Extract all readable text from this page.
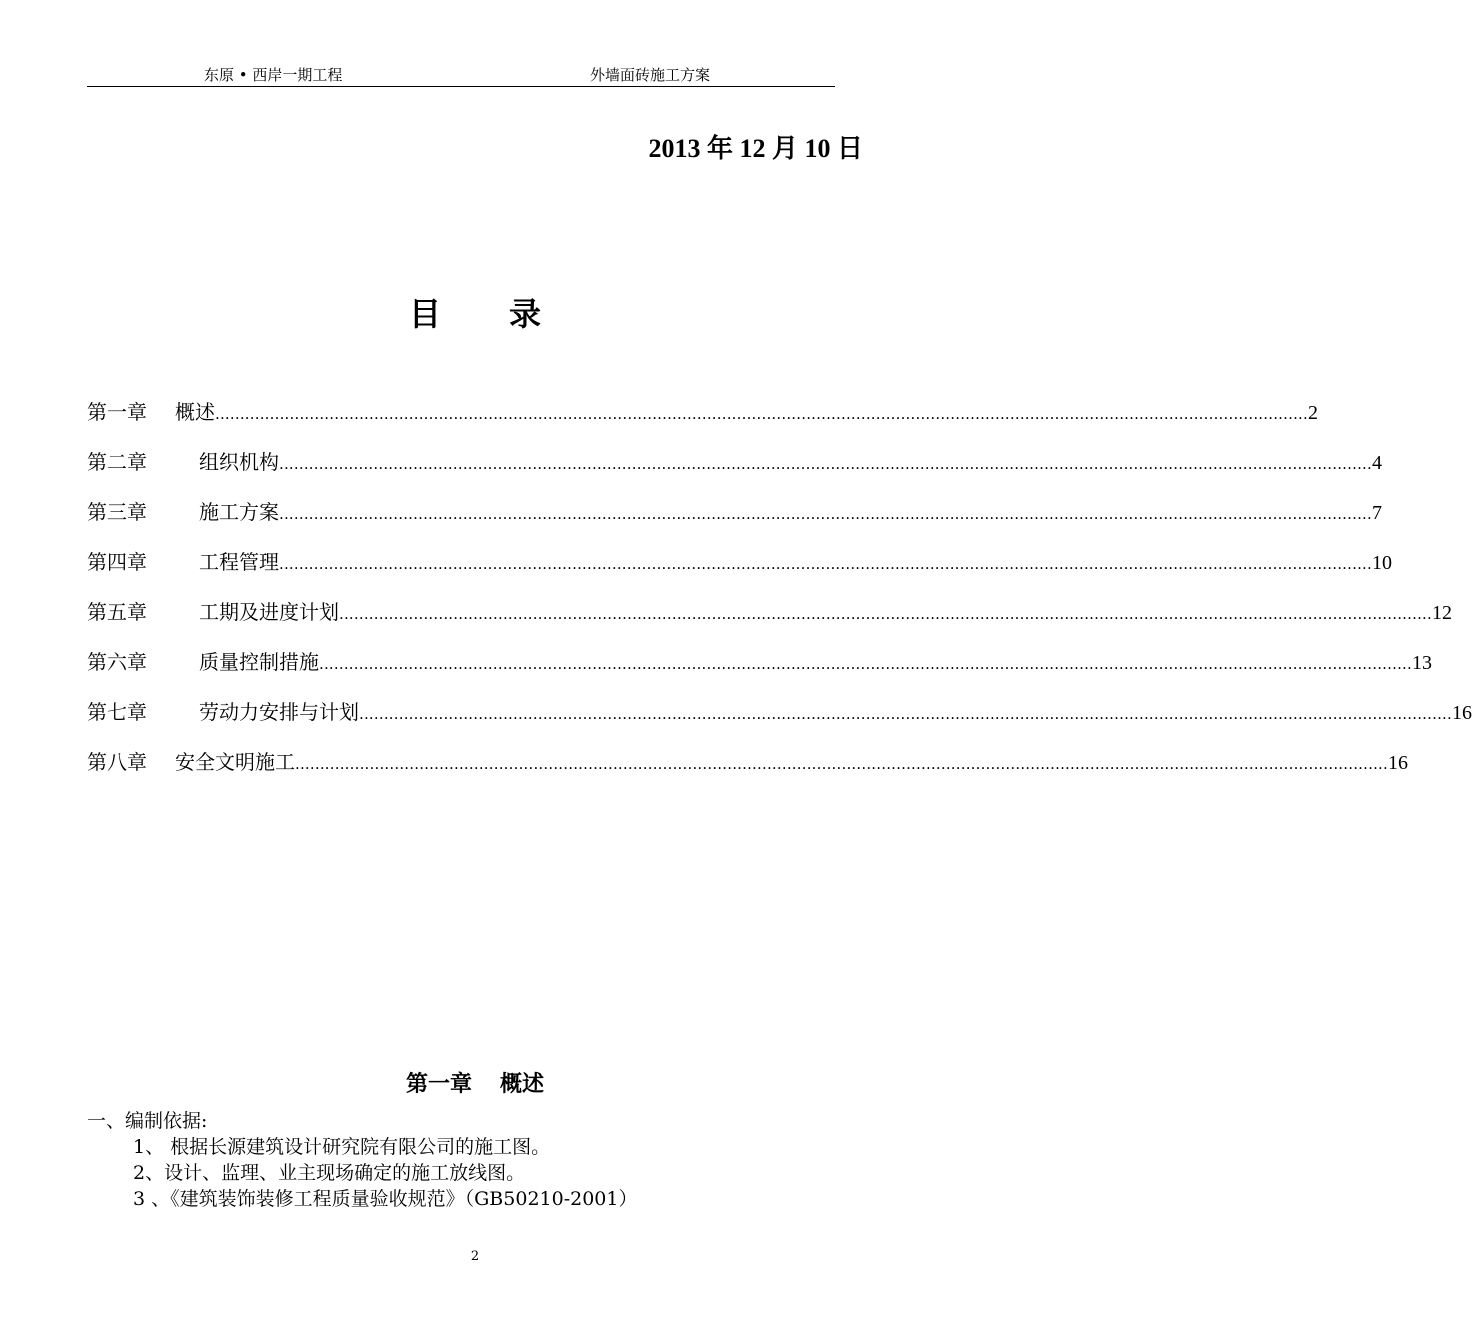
东原 • 西岸一期工程	外墙面砖施工方案
2013 年 12 月 10 日
目录
第一章 概述 ............................................................................................................................................................................................................................ 2
第二章	组织机构 ............................................................................................................................................................................................................................ 4
第三章	施工方案 ............................................................................................................................................................................................................................ 7
第四章	工程管理 ............................................................................................................................................................................................................................ 10
第五章	工期及进度计划 ............................................................................................................................................................................................................................ 12
第六章	质量控制措施 ............................................................................................................................................................................................................................ 13
第七章	劳动力安排与计划 ............................................................................................................................................................................................................................ 16
第八章 安全文明施工 ............................................................................................................................................................................................................................ 16
第一章 概述
一、编制依据:
1、 根据长源建筑设计研究院有限公司的施工图。
2、设计、监理、业主现场确定的施工放线图。
3 、《建筑装饰装修工程质量验收规范》（GB50210-2001）
2
